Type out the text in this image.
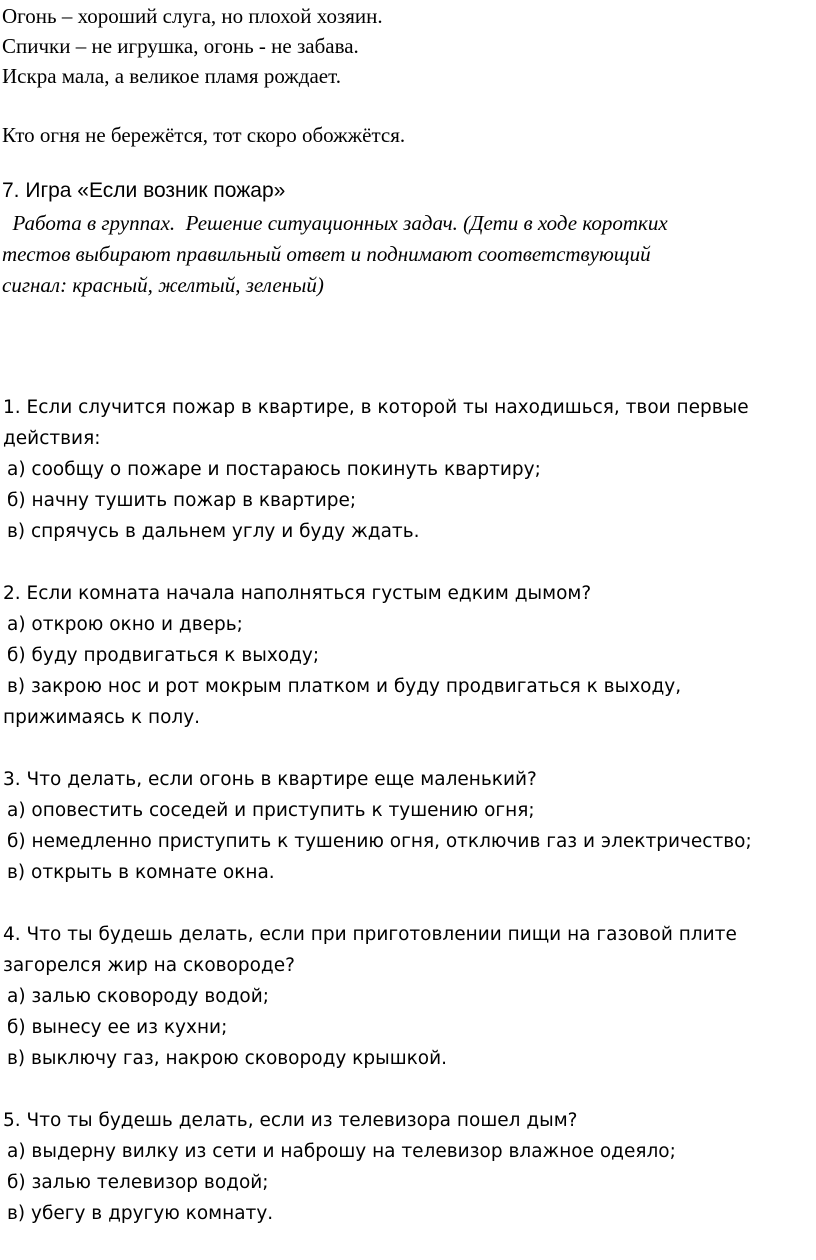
Огонь – хороший слуга, но плохой хозяин.
Спички – не игрушка, огонь - не забава.
Искра мала, а великое пламя рождает.
Кто огня не бережётся, тот скоро обожжётся.
7. Игра «Если возник пожар»
Работа в группах.  Решение ситуационных задач. (Дети в ходе коротких
тестов выбирают правильный ответ и поднимают соответствующий
сигнал: красный, желтый, зеленый)
1. Если случится пожар в квартире, в которой ты находишься, твои первые
действия:
а) сообщу о пожаре и постараюсь покинуть квартиру;
б) начну тушить пожар в квартире;
в) спрячусь в дальнем углу и буду ждать.
2. Если комната начала наполняться густым едким дымом?
а) открою окно и дверь;
б) буду продвигаться к выходу;
в) закрою нос и рот мокрым платком и буду продвигаться к выходу,
прижимаясь к полу.
3. Что делать, если огонь в квартире еще маленький?
а) оповестить соседей и приступить к тушению огня;
б) немедленно приступить к тушению огня, отключив газ и электричество;
в) открыть в комнате окна.
4. Что ты будешь делать, если при приготовлении пищи на газовой плите
загорелся жир на сковороде?
а) залью сковороду водой;
б) вынесу ее из кухни;
в) выключу газ, накрою сковороду крышкой.
5. Что ты будешь делать, если из телевизора пошел дым?
а) выдерну вилку из сети и наброшу на телевизор влажное одеяло;
б) залью телевизор водой;
в) убегу в другую комнату.
